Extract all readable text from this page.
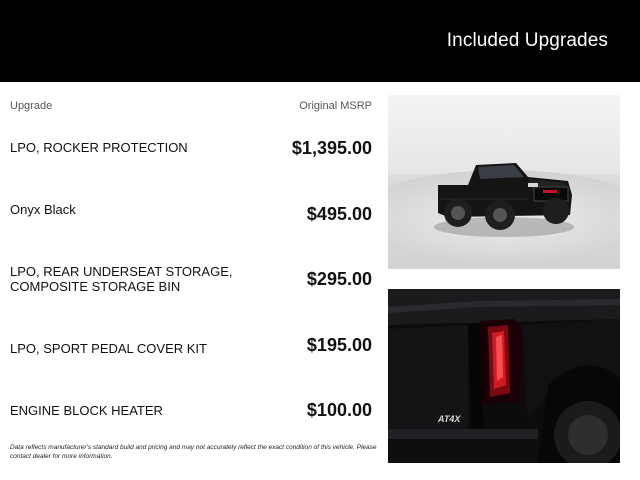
Included Upgrades
Upgrade	Original MSRP
LPO, ROCKER PROTECTION	$1,395.00
Onyx Black	$495.00
LPO, REAR UNDERSEAT STORAGE, COMPOSITE STORAGE BIN	$295.00
LPO, SPORT PEDAL COVER KIT	$195.00
ENGINE BLOCK HEATER	$100.00
Data reflects manufacturer's standard build and pricing and may not accurately reflect the exact condition of this vehicle. Please contact dealer for more information.
AT4X
